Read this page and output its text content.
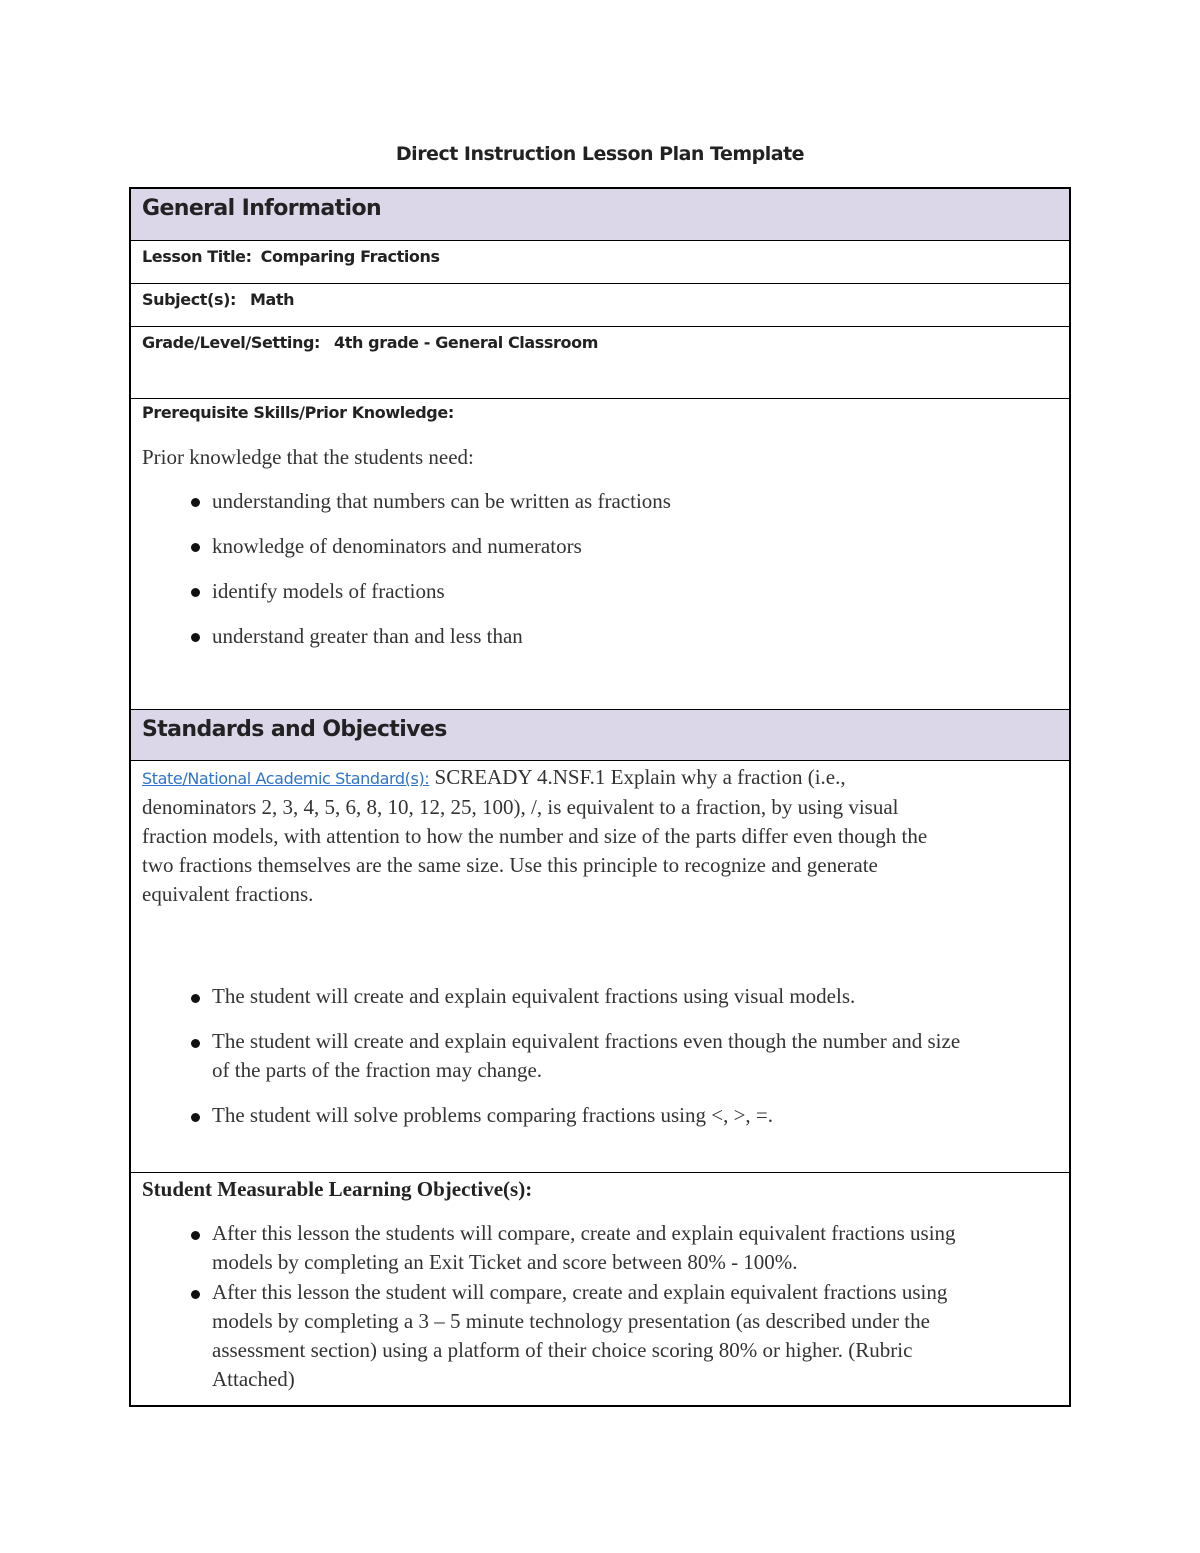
Direct Instruction Lesson Plan Template
General Information
Lesson Title: Comparing Fractions
Subject(s): Math
Grade/Level/Setting: 4th grade - General Classroom
Prerequisite Skills/Prior Knowledge:
Prior knowledge that the students need:
understanding that numbers can be written as fractions
knowledge of denominators and numerators
identify models of fractions
understand greater than and less than
Standards and Objectives
State/National Academic Standard(s): SCREADY 4.NSF.1 Explain why a fraction (i.e.,
denominators 2, 3, 4, 5, 6, 8, 10, 12, 25, 100), /, is equivalent to a fraction, by using visual
fraction models, with attention to how the number and size of the parts differ even though the
two fractions themselves are the same size. Use this principle to recognize and generate
equivalent fractions.
The student will create and explain equivalent fractions using visual models.
The student will create and explain equivalent fractions even though the number and size
of the parts of the fraction may change.
The student will solve problems comparing fractions using <, >, =.
Student Measurable Learning Objective(s):
After this lesson the students will compare, create and explain equivalent fractions using
models by completing an Exit Ticket and score between 80% - 100%.
After this lesson the student will compare, create and explain equivalent fractions using
models by completing a 3 – 5 minute technology presentation (as described under the
assessment section) using a platform of their choice scoring 80% or higher. (Rubric
Attached)
